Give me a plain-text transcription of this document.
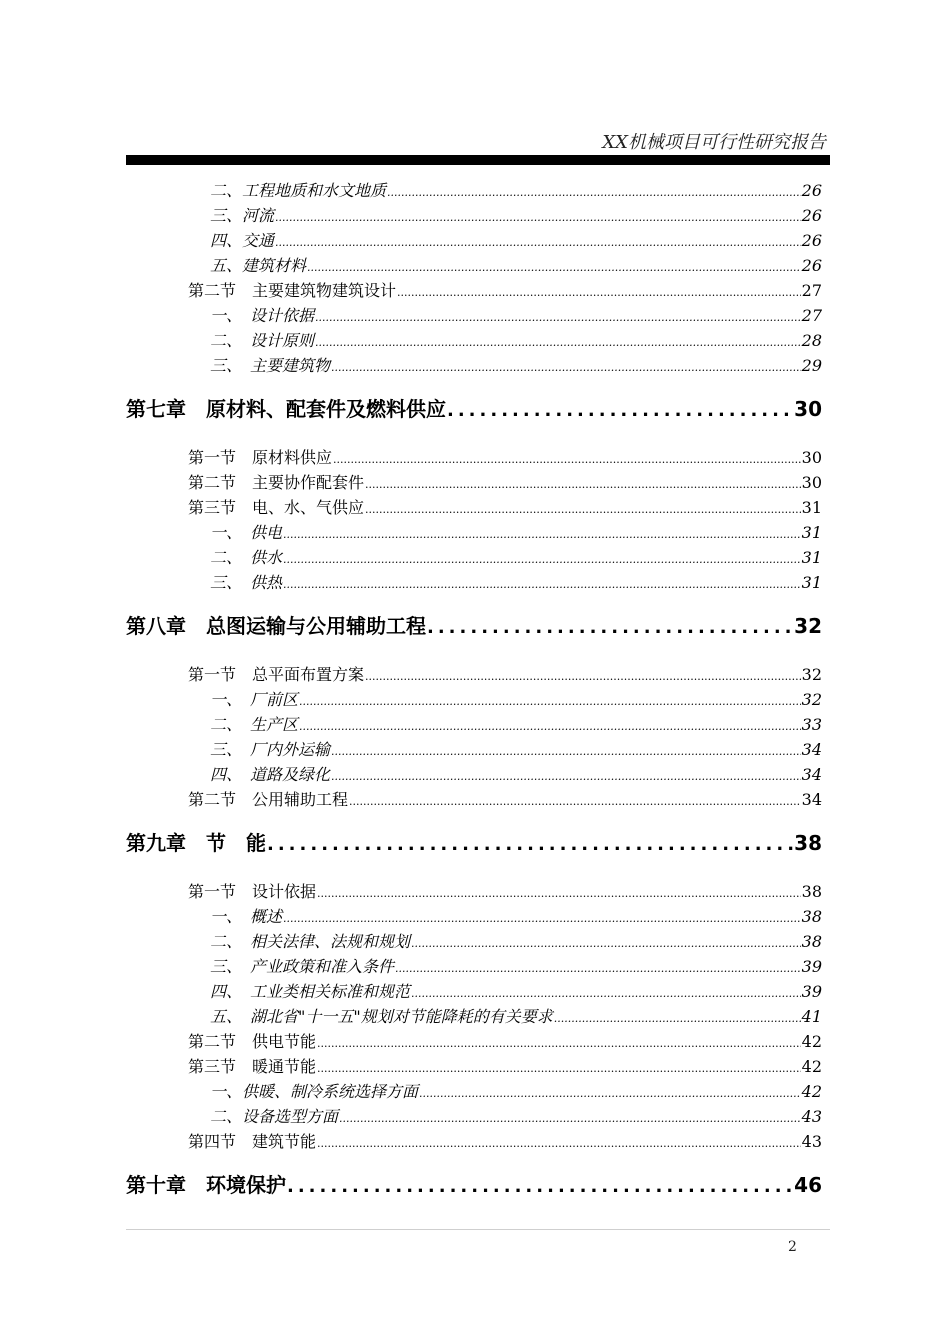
XX机械项目可行性研究报告
二、工程地质和水文地质 .....	26
三、河流 .....	26
四、交通 .....	26
五、建筑材料 .....	26
第二节　主要建筑物建筑设计 .....	27
一、　设计依据 .....	27
二、　设计原则 .....	28
三、　主要建筑物 .....	29
第七章　原材料、配套件及燃料供应 .....	30
第一节　原材料供应 .....	30
第二节　主要协作配套件 .....	30
第三节　电、水、气供应 .....	31
一、　供电 .....	31
二、　供水 .....	31
三、　供热 .....	31
第八章　总图运输与公用辅助工程 .....	32
第一节　总平面布置方案 .....	32
一、　厂前区 .....	32
二、　生产区 .....	33
三、　厂内外运输 .....	34
四、　道路及绿化 .....	34
第二节　公用辅助工程 .....	34
第九章　节　能 .....	38
第一节　设计依据 .....	38
一、　概述 .....	38
二、　相关法律、法规和规划 .....	38
三、　产业政策和准入条件 .....	39
四、　工业类相关标准和规范 .....	39
五、　湖北省"十一五"规划对节能降耗的有关要求 .....	41
第二节　供电节能 .....	42
第三节　暖通节能 .....	42
一、供暖、制冷系统选择方面 .....	42
二、设备选型方面 .....	43
第四节　建筑节能 .....	43
第十章　环境保护 .....	46
2
